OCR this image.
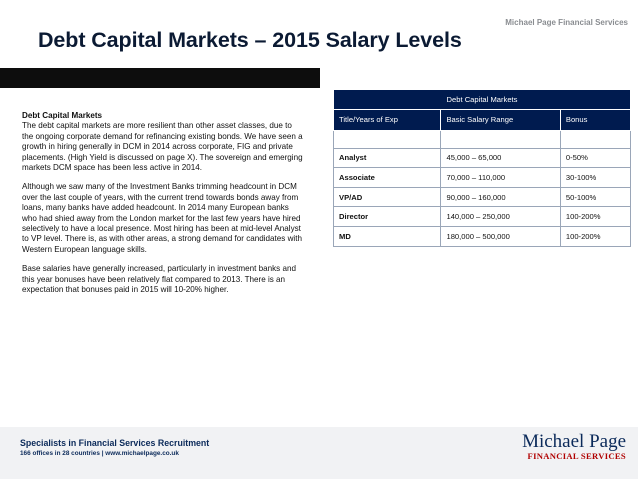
Michael Page Financial Services
Debt Capital Markets – 2015 Salary Levels
Debt Capital Markets

The debt capital markets are more resilient than other asset classes, due to the ongoing corporate demand for refinancing existing bonds. We have seen a growth in hiring generally in DCM in 2014 across corporate, FIG and private placements. (High Yield is discussed on page X). The sovereign and emerging markets DCM space has been less active in 2014.

Although we saw many of the Investment Banks trimming headcount in DCM over the last couple of years, with the current trend towards bonds away from loans, many banks have added headcount. In 2014 many European banks who had shied away from the London market for the last few years have hired selectively to have a local presence. Most hiring has been at mid-level Analyst to VP level. There is, as with other areas, a strong demand for candidates with Western European language skills.

Base salaries have generally increased, particularly in investment banks and this year bonuses have been relatively flat compared to 2013. There is an expectation that bonuses paid in 2015 will 10-20% higher.

Debt Capital Markets		
Title/Years of Exp	Basic Salary Range	Bonus

Analyst	45,000 – 65,000	0-50%
Associate	70,000 – 110,000	30-100%
VP/AD	90,000 – 160,000	50-100%
Director	140,000 – 250,000	100-200%
MD	180,000 – 500,000	100-200%
Specialists in Financial Services Recruitment
166 offices in 28 countries | www.michaelpage.co.uk
Michael Page
FINANCIAL SERVICES
